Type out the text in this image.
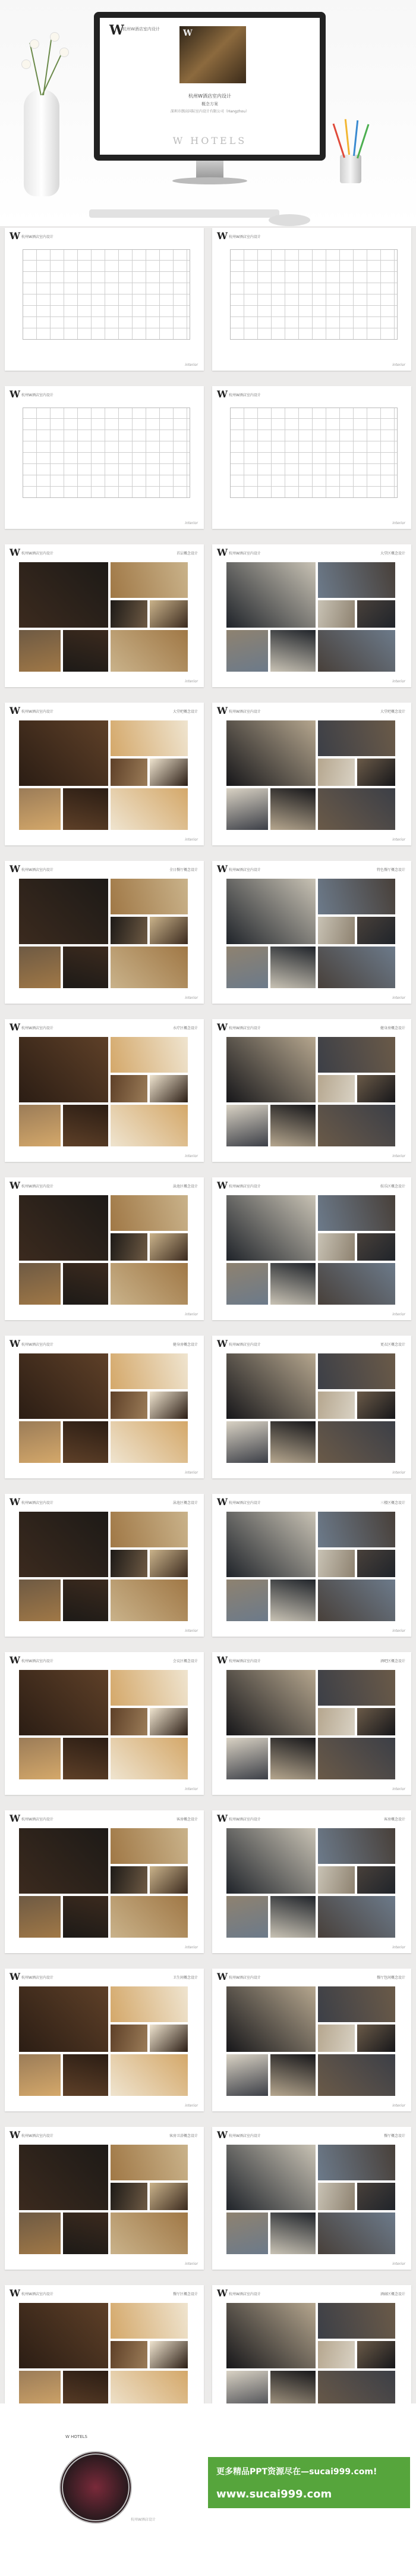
W
杭州W酒店室内设计	W
杭州W酒店室内设计
概念方案
深圳市朗高国际室内设计有限公司（Hangzhou）
W HOTELS
W 杭州W酒店室内设计
interior
W 杭州W酒店室内设计
interior
W 杭州W酒店室内设计
interior
W 杭州W酒店室内设计
interior
W 杭州W酒店室内设计	首层概念设计
interior
W 杭州W酒店室内设计	大堂区概念设计
interior
W 杭州W酒店室内设计	大堂吧概念设计
interior
W 杭州W酒店室内设计	大堂吧概念设计
interior
W 杭州W酒店室内设计	全日餐厅概念设计
interior
W 杭州W酒店室内设计	特色餐厅概念设计
interior
W 杭州W酒店室内设计	水疗区概念设计
interior
W 杭州W酒店室内设计	健身房概念设计
interior
W 杭州W酒店室内设计	泳池区概念设计
interior
W 杭州W酒店室内设计	娱乐区概念设计
interior
W 杭州W酒店室内设计	健身房概念设计
interior
W 杭州W酒店室内设计	更衣区概念设计
interior
W 杭州W酒店室内设计	泳池区概念设计
interior
W 杭州W酒店室内设计	三楼区概念设计
interior
W 杭州W酒店室内设计	会议区概念设计
interior
W 杭州W酒店室内设计	酒吧区概念设计
interior
W 杭州W酒店室内设计	客房概念设计
interior
W 杭州W酒店室内设计	客房概念设计
interior
W 杭州W酒店室内设计	卫生间概念设计
interior
W 杭州W酒店室内设计	餐厅包间概念设计
interior
W 杭州W酒店室内设计	客房卫浴概念设计
interior
W 杭州W酒店室内设计	餐厅概念设计
interior
W 杭州W酒店室内设计	餐厅区概念设计 W 杭州W酒店室内设计	酒廊区概念设计
W HOTELS
杭州W酒店设计
更多精品PPT资源尽在—sucai999.com!
www.sucai999.com
